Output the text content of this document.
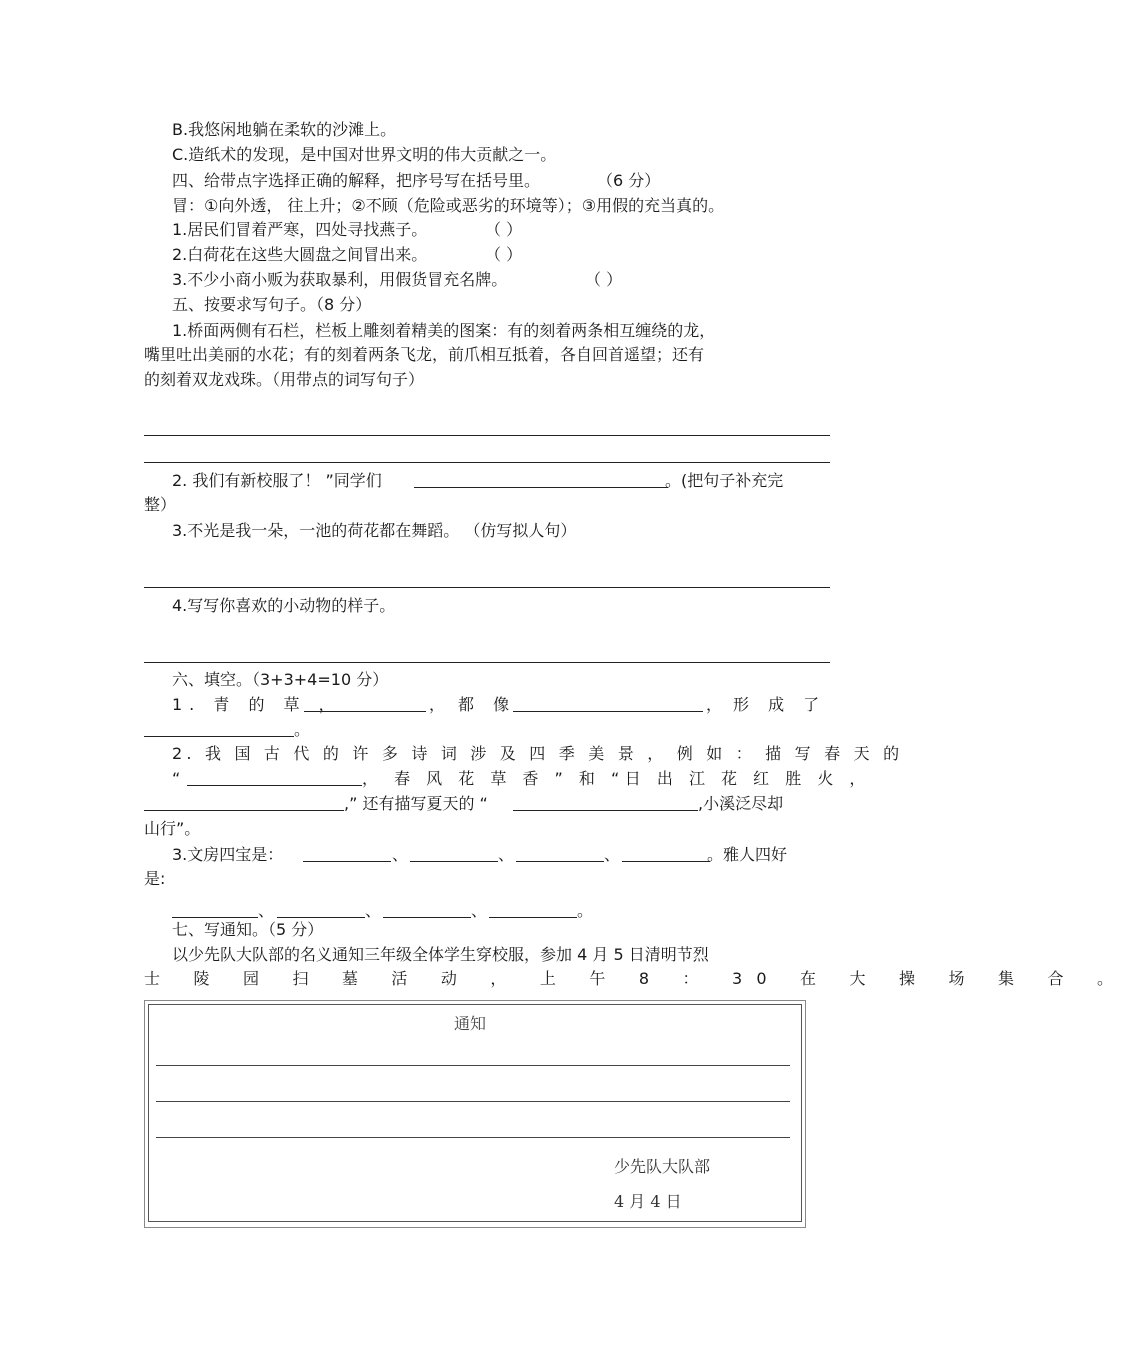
B.我悠闲地躺在柔软的沙滩上。
C.造纸术的发现，是中国对世界文明的伟大贡献之一。
四、给带点字选择正确的解释，把序号写在括号里。	（6 分）
冒：①向外透， 往上升；②不顾（危险或恶劣的环境等）；③用假的充当真的。
1.居民们冒着严寒，四处寻找燕子。	（ ）
2.白荷花在这些大圆盘之间冒出来。	（ ）
3.不少小商小贩为获取暴利，用假货冒充名牌。	（ ）
五、按要求写句子。（8 分）
1.桥面两侧有石栏，栏板上雕刻着精美的图案：有的刻着两条相互缠绕的龙，
嘴里吐出美丽的水花；有的刻着两条飞龙，前爪相互抵着，各自回首遥望；还有
的刻着双龙戏珠。（用带点的词写句子）
2. 我们有新校服了！ ”同学们	。(把句子补充完
整）
3.不光是我一朵，一池的荷花都在舞蹈。 （仿写拟人句）
4.写写你喜欢的小动物的样子。
六、填空。（3+3+4=10 分）
1. 青 的 草 ，	， 都 像	， 形 成 了
。
2. 我 国 古 代 的 许 多 诗 词 涉 及 四 季 美 景 ， 例 如 ： 描 写 春 天 的
“	， 春 风 花 草 香 ” 和 “日 出 江 花 红 胜 火 ，
,” 还有描写夏天的 “	,小溪泛尽却
山行”。
3.文房四宝是：	、	、	、	。雅人四好
是:
、	、	、	。
七、写通知。（5 分）
以少先队大队部的名义通知三年级全体学生穿校服，参加 4 月 5 日清明节烈
士 陵 园 扫 墓 活 动 ， 上 午 8 ： 30 在 大 操 场 集 合 。
通知
少先队大队部
4 月 4 日
